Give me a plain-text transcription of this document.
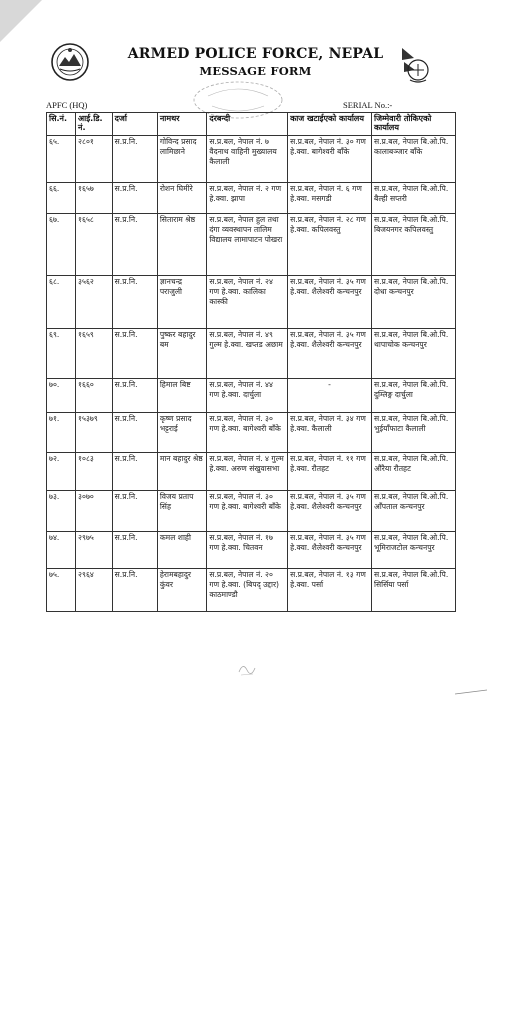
ARMED POLICE FORCE, NEPAL
MESSAGE FORM
APFC (HQ)	SERIAL No.:-
सि.नं.	आई.डि. नं.	दर्जा	नामथर	दरबन्दी	काज खटाईएको कार्यालय	जिम्मेवारी तोकिएको कार्यालय
६५.	२८०१	स.प्र.नि.	गोविन्द प्रसाद लामिछाने	स.प्र.बल, नेपाल नं. ७ वैदनाथ वाहिनी मुख्यालय कैलाली	स.प्र.बल, नेपाल नं. ३० गण हे.क्वा. बागेश्वरी बाँके	स.प्र.बल, नेपाल बि.ओ.पि. कालाबञ्जार बाँके
६६.	१६५७	स.प्र.नि.	रोशन घिमीरे	स.प्र.बल, नेपाल नं. २ गण हे.क्वा. झापा	स.प्र.बल, नेपाल नं. ६ गण हे.क्वा. मसगडी	स.प्र.बल, नेपाल बि.ओ.पि. बैल्ही सप्तरी
६७.	१६५८	स.प्र.नि.	सिताराम श्रेष्ठ	स.प्र.बल, नेपाल हुल तथा दंगा व्यवस्थापन तालिम विद्यालय लामापाटन पोखरा	स.प्र.बल, नेपाल नं. २८ गण हे.क्वा. कपिलवस्तु	स.प्र.बल, नेपाल बि.ओ.पि. बिजयनगर कपिलवस्तु
६८.	३५६२	स.प्र.नि.	ज्ञानचन्द्र पराजुली	स.प्र.बल, नेपाल नं. २४ गण हे.क्वा. कालिका कास्की	स.प्र.बल, नेपाल नं. ३५ गण हे.क्वा. शैलेश्वरी कन्चनपुर	स.प्र.बल, नेपाल बि.ओ.पि. दोधा कन्चनपुर
६९.	१६५९	स.प्र.नि.	पुष्कर बहादुर बम	स.प्र.बल, नेपाल नं. ४९ गुल्म हे.क्वा. खप्तड अछाम	स.प्र.बल, नेपाल नं. ३५ गण हे.क्वा. शैलेश्वरी कन्चनपुर	स.प्र.बल, नेपाल बि.ओ.पि. थापाचोक कन्चनपुर
७०.	१६६०	स.प्र.नि.	हिमाल बिष्ट	स.प्र.बल, नेपाल नं. ४४ गण हे.क्वा. दार्चुला	-	स.प्र.बल, नेपाल बि.ओ.पि. दुम्लिङ्ग दार्चुला
७१.	१५३७९	स.प्र.नि.	कृष्ण प्रसाद भट्टराई	स.प्र.बल, नेपाल नं. ३० गण हे.क्वा. बागेश्वरी बाँके	स.प्र.बल, नेपाल नं. ३४ गण हे.क्वा. कैलाली	स.प्र.बल, नेपाल बि.ओ.पि. भुईयाँफाटा कैलाली
७२.	१०८३	स.प्र.नि.	मान बहादुर श्रेष्ठ	स.प्र.बल, नेपाल नं. ४ गुल्म हे.क्वा. अरुण संखुवासभा	स.प्र.बल, नेपाल नं. ११ गण हे.क्वा. रौतहट	स.प्र.बल, नेपाल बि.ओ.पि. औरैया रौतहट
७३.	३०७०	स.प्र.नि.	विजय प्रताप सिंह	स.प्र.बल, नेपाल नं. ३० गण हे.क्वा. बागेश्वरी बाँके	स.प्र.बल, नेपाल नं. ३५ गण हे.क्वा. शैलेश्वरी कन्चनपुर	स.प्र.बल, नेपाल बि.ओ.पि. आँपताल कन्चनपुर
७४.	२९७५	स.प्र.नि.	कमल शाही	स.प्र.बल, नेपाल नं. १७ गण हे.क्वा. चितवन	स.प्र.बल, नेपाल नं. ३५ गण हे.क्वा. शैलेश्वरी कन्चनपुर	स.प्र.बल, नेपाल बि.ओ.पि. भूमिराजटोल कन्चनपुर
७५.	२९६४	स.प्र.नि.	हेरामबहादुर कुंवर	स.प्र.बल, नेपाल नं. २० गण हे.क्वा. (बिपद् उद्दार) काठमाण्डौ	स.प्र.बल, नेपाल नं. १३ गण हे.क्वा. पर्सा	स.प्र.बल, नेपाल बि.ओ.पि. सिर्सिया पर्सा
